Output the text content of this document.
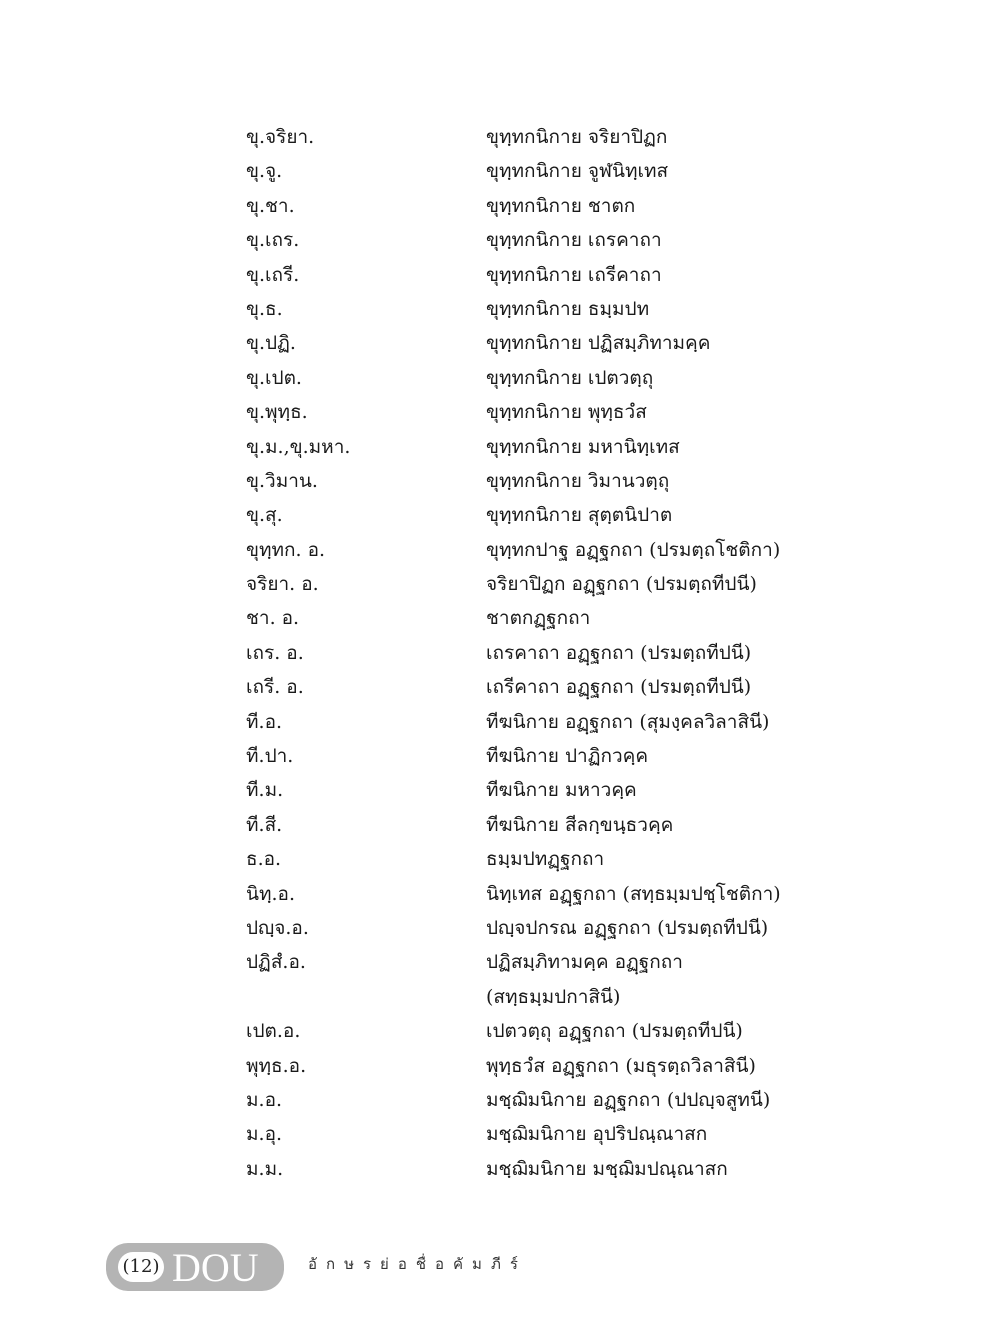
ขุ.จริยา.	ขุทฺทกนิกาย จริยาปิฏก
ขุ.จู.	ขุทฺทกนิกาย จูฬนิทฺเทส
ขุ.ชา.	ขุทฺทกนิกาย ชาตก
ขุ.เถร.	ขุทฺทกนิกาย เถรคาถา
ขุ.เถรี.	ขุทฺทกนิกาย เถรีคาถา
ขุ.ธ.	ขุทฺทกนิกาย ธมฺมปท
ขุ.ปฏิ.	ขุทฺทกนิกาย ปฏิสมฺภิทามคฺค
ขุ.เปต.	ขุทฺทกนิกาย เปตวตฺถุ
ขุ.พุทฺธ.	ขุทฺทกนิกาย พุทฺธวํส
ขุ.ม.,ขุ.มหา.	ขุทฺทกนิกาย มหานิทฺเทส
ขุ.วิมาน.	ขุทฺทกนิกาย วิมานวตฺถุ
ขุ.สุ.	ขุทฺทกนิกาย สุตฺตนิปาต
ขุทฺทก. อ.	ขุทฺทกปาฐ อฏฺฐกถา (ปรมตฺถโชติกา)
จริยา. อ.	จริยาปิฏก อฏฺฐกถา (ปรมตฺถทีปนี)
ชา. อ.	ชาตกฏฺฐกถา
เถร. อ.	เถรคาถา อฏฺฐกถา (ปรมตฺถทีปนี)
เถรี. อ.	เถรีคาถา อฏฺฐกถา (ปรมตฺถทีปนี)
ที.อ.	ทีฆนิกาย อฏฺฐกถา (สุมงฺคลวิลาสินี)
ที.ปา.	ทีฆนิกาย ปาฏิกวคฺค
ที.ม.	ทีฆนิกาย มหาวคฺค
ที.สี.	ทีฆนิกาย สีลกฺขนฺธวคฺค
ธ.อ.	ธมฺมปทฏฺฐกถา
นิทฺ.อ.	นิทฺเทส อฏฺฐกถา (สทฺธมฺมปชฺโชติกา)
ปญฺจ.อ.	ปญฺจปกรณ อฏฺฐกถา (ปรมตฺถทีปนี)
ปฏิสํ.อ.	ปฏิสมฺภิทามคฺค อฏฺฐกถา
(สทฺธมฺมปกาสินี)
เปต.อ.	เปตวตฺถุ อฏฺฐกถา (ปรมตฺถทีปนี)
พุทฺธ.อ.	พุทฺธวํส อฏฺฐกถา (มธุรตฺถวิลาสินี)
ม.อ.	มชฺฌิมนิกาย อฏฺฐกถา (ปปญฺจสูทนี)
ม.อุ.	มชฺฌิมนิกาย อุปริปณฺณาสก
ม.ม.	มชฺฌิมนิกาย มชฺฌิมปณฺณาสก
(12) DOU	อักษรย่อชื่อคัมภีร์
